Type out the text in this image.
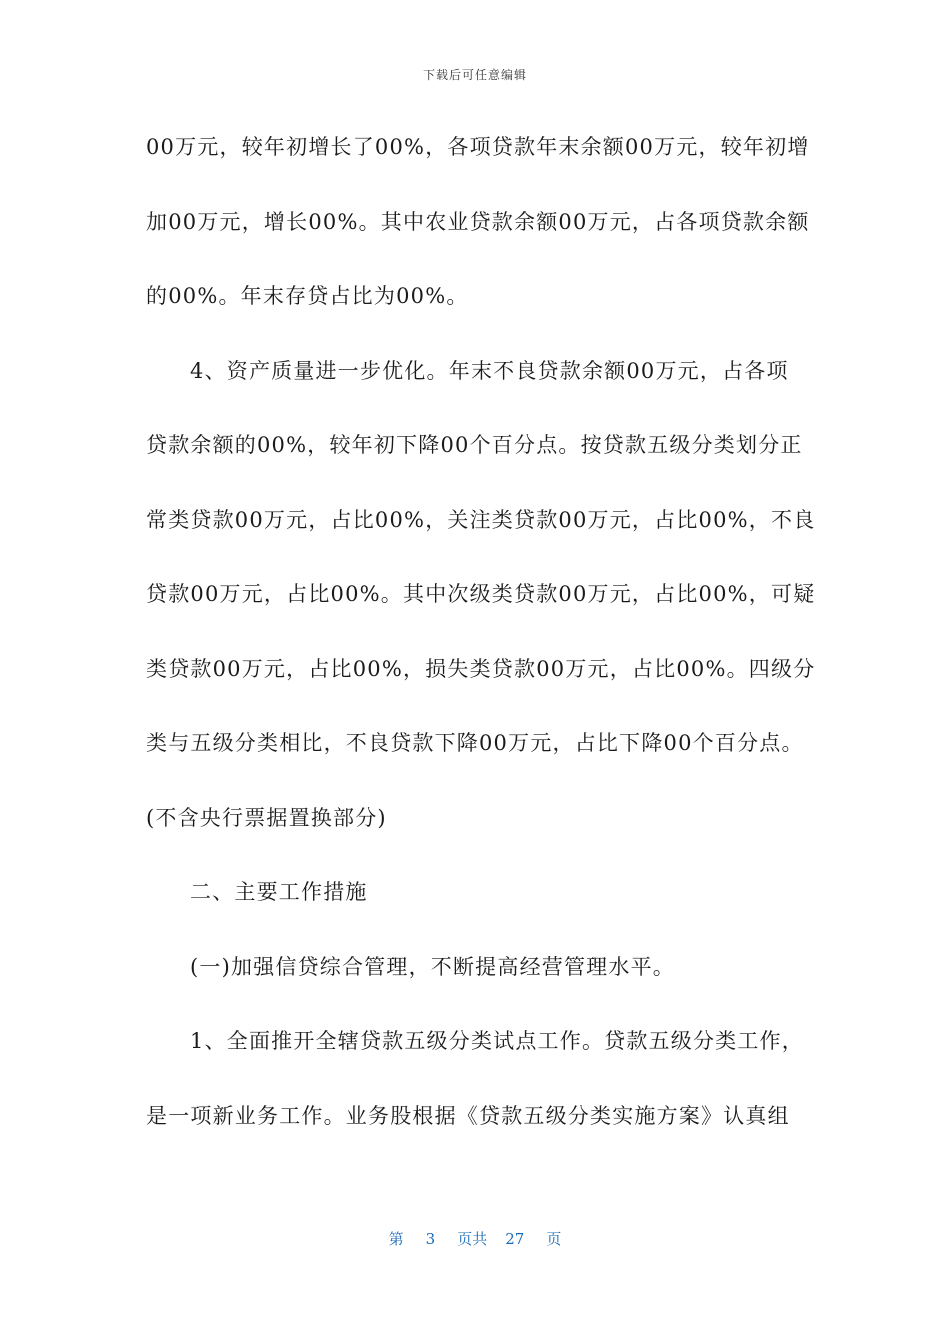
下载后可任意编辑
00万元，较年初增长了00%，各项贷款年末余额00万元，较年初增
加00万元，增长00%。其中农业贷款余额00万元，占各项贷款余额
的00%。年末存贷占比为00%。
4、资产质量进一步优化。年末不良贷款余额00万元，占各项
贷款余额的00%，较年初下降00个百分点。按贷款五级分类划分正
常类贷款00万元，占比00%，关注类贷款00万元，占比00%，不良
贷款00万元，占比00%。其中次级类贷款00万元，占比00%，可疑
类贷款00万元，占比00%，损失类贷款00万元，占比00%。四级分
类与五级分类相比，不良贷款下降00万元，占比下降00个百分点。
(不含央行票据置换部分)
二、主要工作措施
(一)加强信贷综合管理，不断提高经营管理水平。
1、全面推开全辖贷款五级分类试点工作。贷款五级分类工作，
是一项新业务工作。业务股根据《贷款五级分类实施方案》认真组
第 3 页共 27 页
